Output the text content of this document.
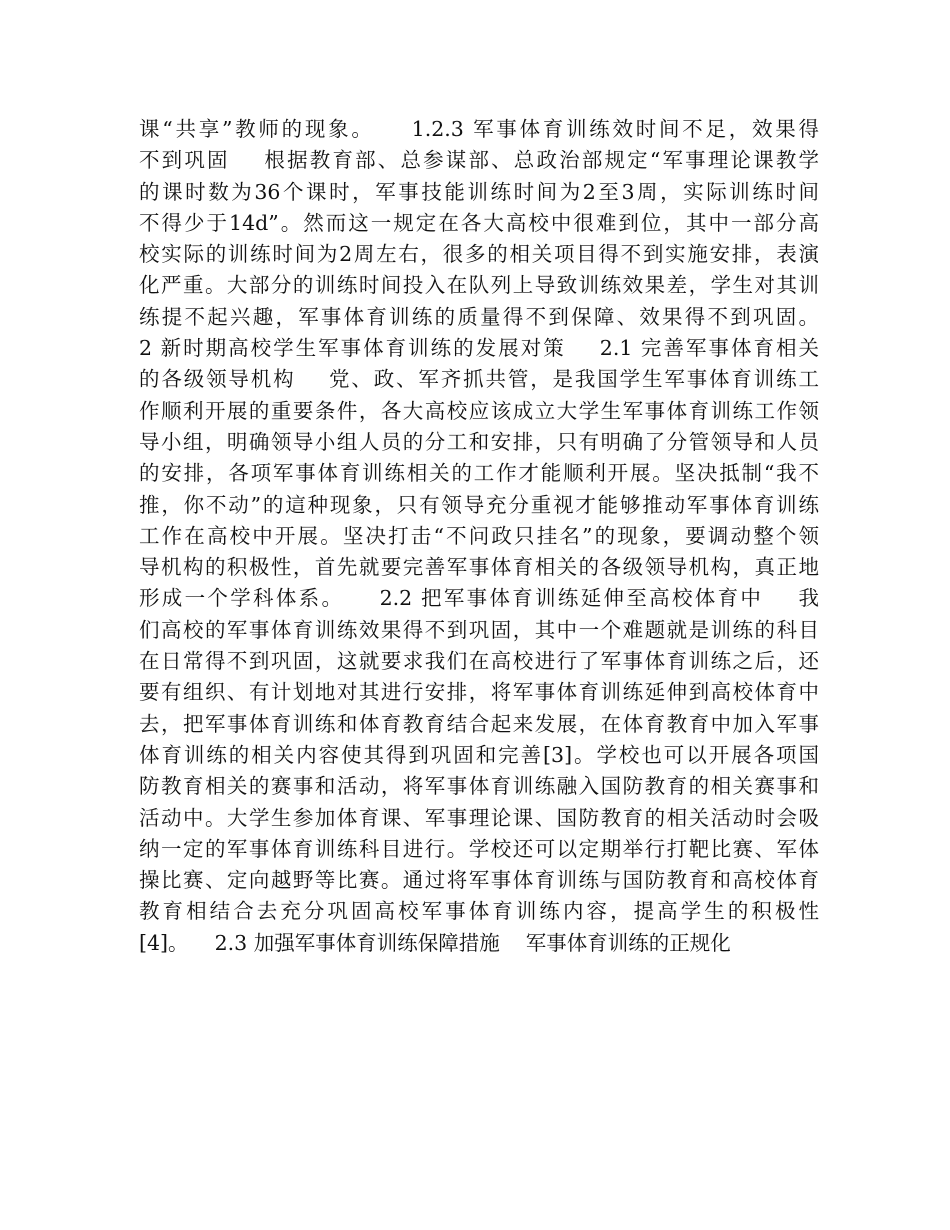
课“共享”教师的现象。    1.2.3 军事体育训练效时间不足，效果得
不到巩固    根据教育部、总参谋部、总政治部规定“军事理论课教学
的课时数为36个课时，军事技能训练时间为2至3周，实际训练时间
不得少于14d”。然而这一规定在各大高校中很难到位，其中一部分高
校实际的训练时间为2周左右，很多的相关项目得不到实施安排，表演
化严重。大部分的训练时间投入在队列上导致训练效果差，学生对其训
练提不起兴趣，军事体育训练的质量得不到保障、效果得不到巩固。
2 新时期高校学生军事体育训练的发展对策    2.1 完善军事体育相关
的各级领导机构    党、政、军齐抓共管，是我国学生军事体育训练工
作顺利开展的重要条件，各大高校应该成立大学生军事体育训练工作领
导小组，明确领导小组人员的分工和安排，只有明确了分管领导和人员
的安排，各项军事体育训练相关的工作才能顺利开展。坚决抵制“我不
推，你不动”的這种现象，只有领导充分重视才能够推动军事体育训练
工作在高校中开展。坚决打击“不问政只挂名”的现象，要调动整个领
导机构的积极性，首先就要完善军事体育相关的各级领导机构，真正地
形成一个学科体系。    2.2 把军事体育训练延伸至高校体育中    我
们高校的军事体育训练效果得不到巩固，其中一个难题就是训练的科目
在日常得不到巩固，这就要求我们在高校进行了军事体育训练之后，还
要有组织、有计划地对其进行安排，将军事体育训练延伸到高校体育中
去，把军事体育训练和体育教育结合起来发展，在体育教育中加入军事
体育训练的相关内容使其得到巩固和完善[3]。学校也可以开展各项国
防教育相关的赛事和活动，将军事体育训练融入国防教育的相关赛事和
活动中。大学生参加体育课、军事理论课、国防教育的相关活动时会吸
纳一定的军事体育训练科目进行。学校还可以定期举行打靶比赛、军体
操比赛、定向越野等比赛。通过将军事体育训练与国防教育和高校体育
教育相结合去充分巩固高校军事体育训练内容，提高学生的积极性
[4]。    2.3 加强军事体育训练保障措施    军事体育训练的正规化
